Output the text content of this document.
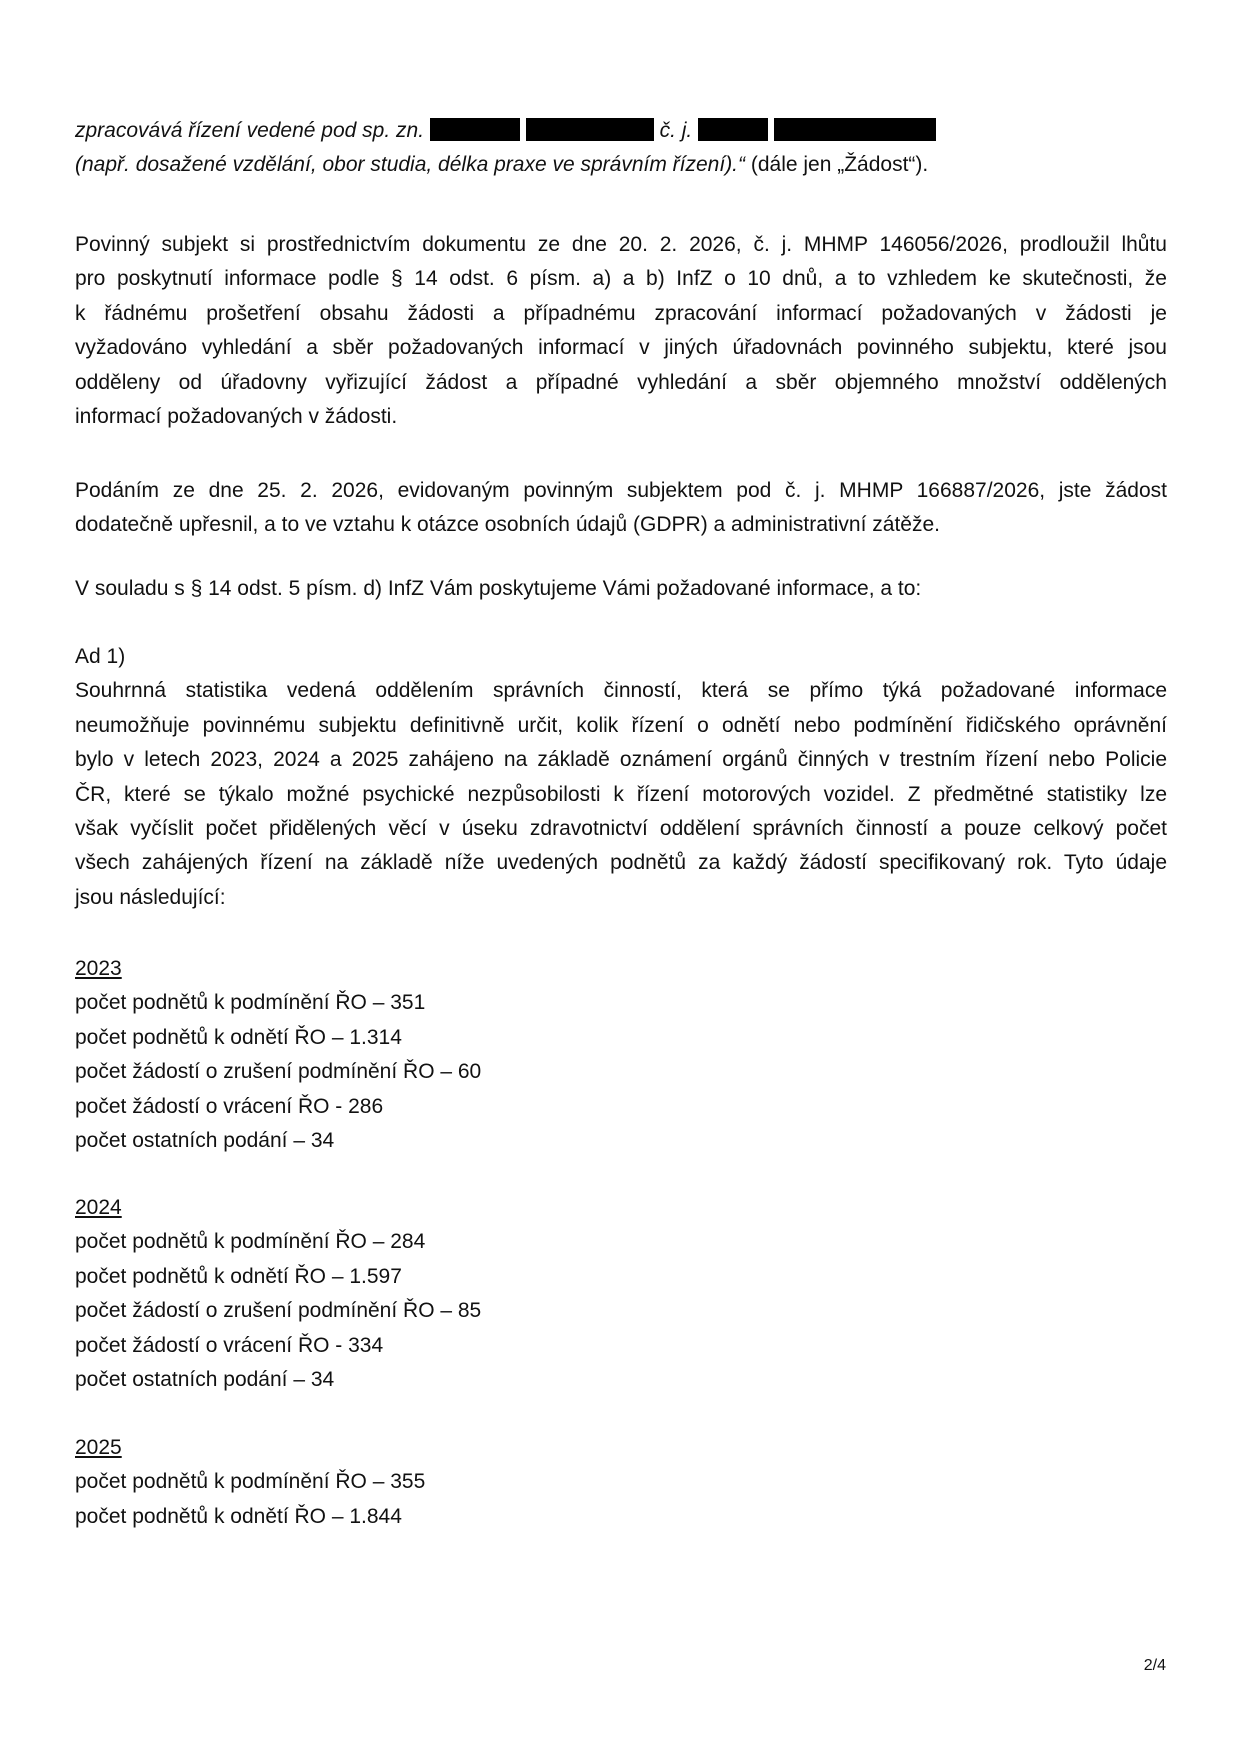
zpracovává řízení vedené pod sp. zn.	č. j.
(např. dosažené vzdělání, obor studia, délka praxe ve správním řízení).“ (dále jen „Žádost“).
Povinný subjekt si prostřednictvím dokumentu ze dne 20. 2. 2026, č. j. MHMP 146056/2026, prodloužil lhůtu
pro poskytnutí informace podle § 14 odst. 6 písm. a) a b) InfZ o 10 dnů, a to vzhledem ke skutečnosti, že
k řádnému prošetření obsahu žádosti a případnému zpracování informací požadovaných v žádosti je
vyžadováno vyhledání a sběr požadovaných informací v jiných úřadovnách povinného subjektu, které jsou
odděleny od úřadovny vyřizující žádost a případné vyhledání a sběr objemného množství oddělených
informací požadovaných v žádosti.
Podáním ze dne 25. 2. 2026, evidovaným povinným subjektem pod č. j. MHMP 166887/2026, jste žádost
dodatečně upřesnil, a to ve vztahu k otázce osobních údajů (GDPR) a administrativní zátěže.
V souladu s § 14 odst. 5 písm. d) InfZ Vám poskytujeme Vámi požadované informace, a to:
Ad 1)
Souhrnná statistika vedená oddělením správních činností, která se přímo týká požadované informace
neumožňuje povinnému subjektu definitivně určit, kolik řízení o odnětí nebo podmínění řidičského oprávnění
bylo v letech 2023, 2024 a 2025 zahájeno na základě oznámení orgánů činných v trestním řízení nebo Policie
ČR, které se týkalo možné psychické nezpůsobilosti k řízení motorových vozidel. Z předmětné statistiky lze
však vyčíslit počet přidělených věcí v úseku zdravotnictví oddělení správních činností a pouze celkový počet
všech zahájených řízení na základě níže uvedených podnětů za každý žádostí specifikovaný rok. Tyto údaje
jsou následující:
2023
počet podnětů k podmínění ŘO – 351
počet podnětů k odnětí ŘO – 1.314
počet žádostí o zrušení podmínění ŘO – 60
počet žádostí o vrácení ŘO - 286
počet ostatních podání – 34
2024
počet podnětů k podmínění ŘO – 284
počet podnětů k odnětí ŘO – 1.597
počet žádostí o zrušení podmínění ŘO – 85
počet žádostí o vrácení ŘO - 334
počet ostatních podání – 34
2025
počet podnětů k podmínění ŘO – 355
počet podnětů k odnětí ŘO – 1.844
2/4
